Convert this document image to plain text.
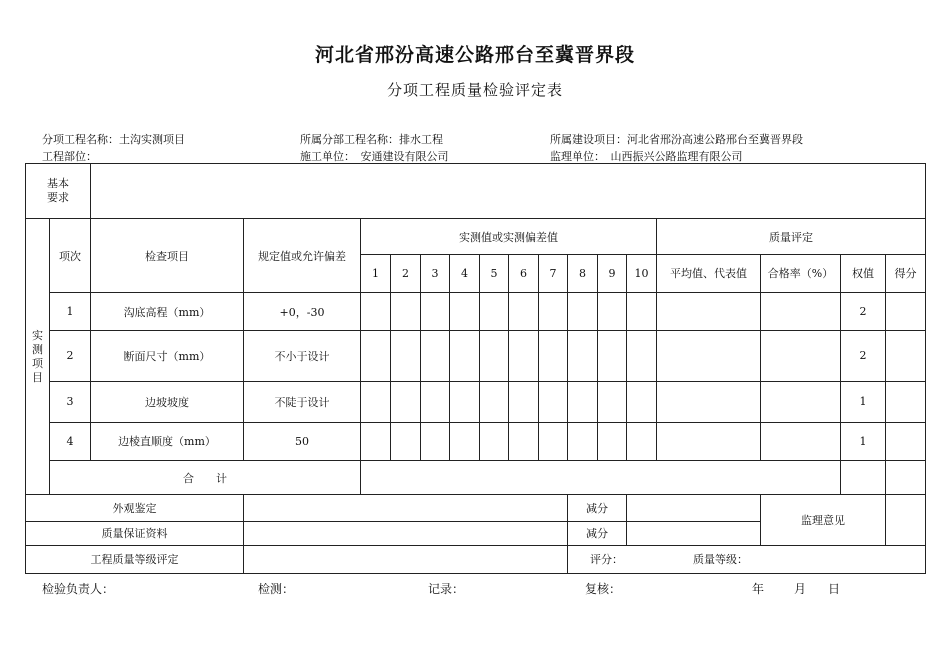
河北省邢汾高速公路邢台至冀晋界段
分项工程质量检验评定表
分项工程名称：土沟实测项目	所属分部工程名称：排水工程	所属建设项目：河北省邢汾高速公路邢台至冀晋界段
工程部位：	施工单位：　安通建设有限公司	监理单位：　山西振兴公路监理有限公司
基本
要求																	
实
测
项
目	项次	检查项目	规定值或允许偏差	实测值或实测偏差值										质量评定			
				1	2	3	4	5	6	7	8	9	10	平均值、代表值	合格率（%）	权值	得分
	1	沟底高程（mm）	+0，-30													2	
	2	断面尺寸（mm）	不小于设计													2	
	3	边坡坡度	不陡于设计													1	
	4	边棱直顺度（mm）	50													1	
	合　　计																
外观鉴定											减分				监理意见		
质量保证资料											减分						
工程质量等级评定											评分： 质量等级：						
检验负责人：	检测：	记录：	复核：	年 月 日
